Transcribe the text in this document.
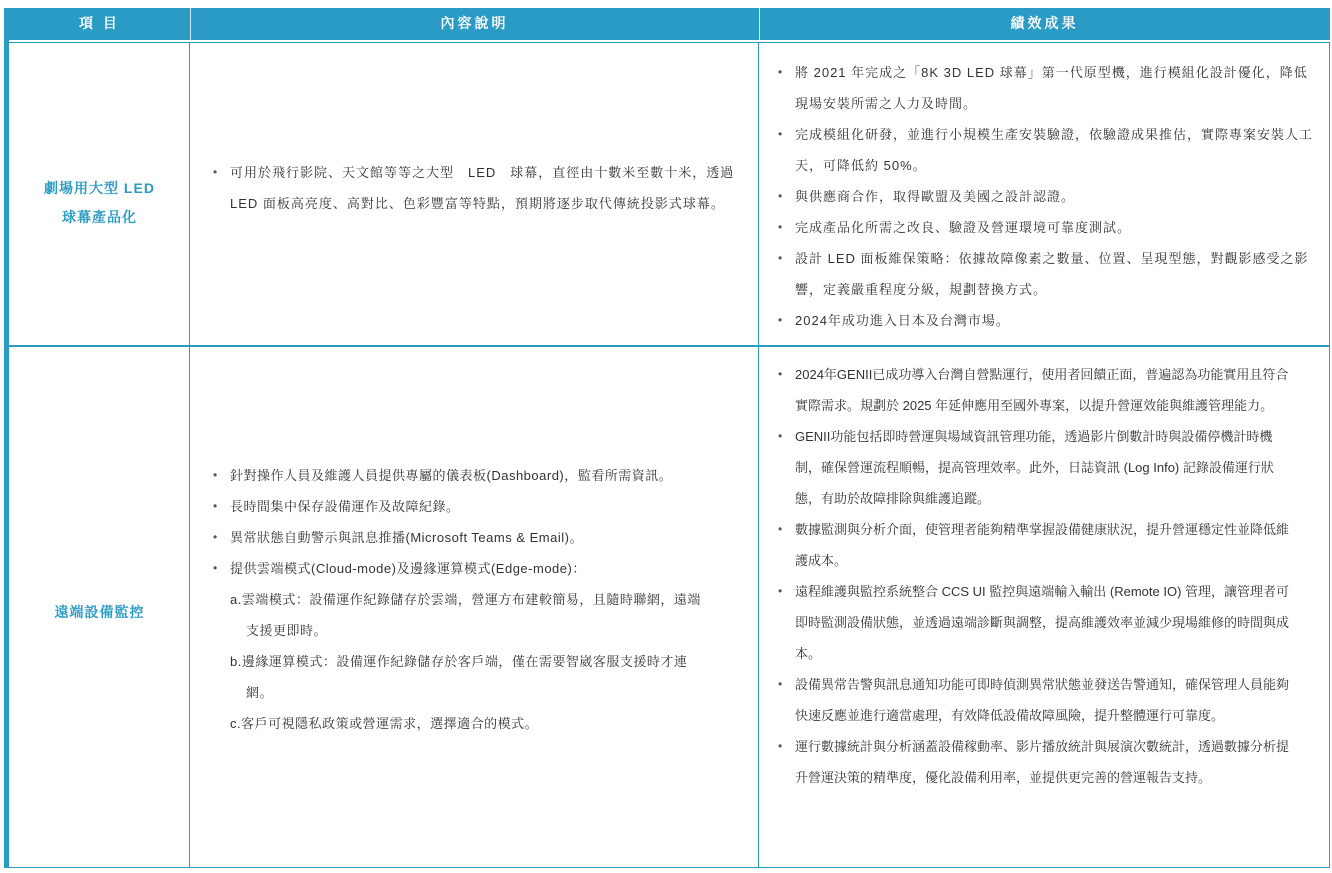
項 目	內容說明	績效成果
劇場用大型 LED
球幕產品化
• 可用於飛行影院、天文館等等之大型　LED　球幕，直徑由十數米至數十米，透過 LED 面板高亮度、高對比、色彩豐富等特點，預期將逐步取代傳統投影式球幕。
• 將 2021 年完成之「8K 3D LED 球幕」第一代原型機，進行模組化設計優化，降低現場安裝所需之人力及時間。
• 完成模組化研發，並進行小規模生產安裝驗證，依驗證成果推估，實際專案安裝人工天，可降低約 50%。
• 與供應商合作，取得歐盟及美國之設計認證。
• 完成產品化所需之改良、驗證及營運環境可靠度測試。
• 設計 LED 面板維保策略：依據故障像素之數量、位置、呈現型態，對觀影感受之影響，定義嚴重程度分級，規劃替換方式。
• 2024年成功進入日本及台灣市場。
遠端設備監控
• 針對操作人員及維護人員提供專屬的儀表板(Dashboard)，監看所需資訊。
• 長時間集中保存設備運作及故障紀錄。
• 異常狀態自動警示與訊息推播(Microsoft Teams & Email)。
• 提供雲端模式(Cloud-mode)及邊緣運算模式(Edge-mode)：
a.雲端模式：設備運作紀錄儲存於雲端，營運方布建較簡易，且隨時聯網，遠端支援更即時。
b.邊緣運算模式：設備運作紀錄儲存於客戶端，僅在需要智崴客服支援時才連網。
c.客戶可視隱私政策或營運需求，選擇適合的模式。
• 2024年GENII已成功導入台灣自營點運行，使用者回饋正面，普遍認為功能實用且符合實際需求。規劃於 2025 年延伸應用至國外專案，以提升營運效能與維護管理能力。
• GENII功能包括即時營運與場域資訊管理功能，透過影片倒數計時與設備停機計時機制，確保營運流程順暢，提高管理效率。此外，日誌資訊 (Log Info) 記錄設備運行狀態，有助於故障排除與維護追蹤。
• 數據監測與分析介面，使管理者能夠精準掌握設備健康狀況，提升營運穩定性並降低維護成本。
• 遠程維護與監控系統整合 CCS UI 監控與遠端輸入輸出 (Remote IO) 管理，讓管理者可即時監測設備狀態，並透過遠端診斷與調整，提高維護效率並減少現場維修的時間與成本。
• 設備異常告警與訊息通知功能可即時偵測異常狀態並發送告警通知，確保管理人員能夠快速反應並進行適當處理，有效降低設備故障風險，提升整體運行可靠度。
• 運行數據統計與分析涵蓋設備稼動率、影片播放統計與展演次數統計，透過數據分析提升營運決策的精準度，優化設備利用率，並提供更完善的營運報告支持。
